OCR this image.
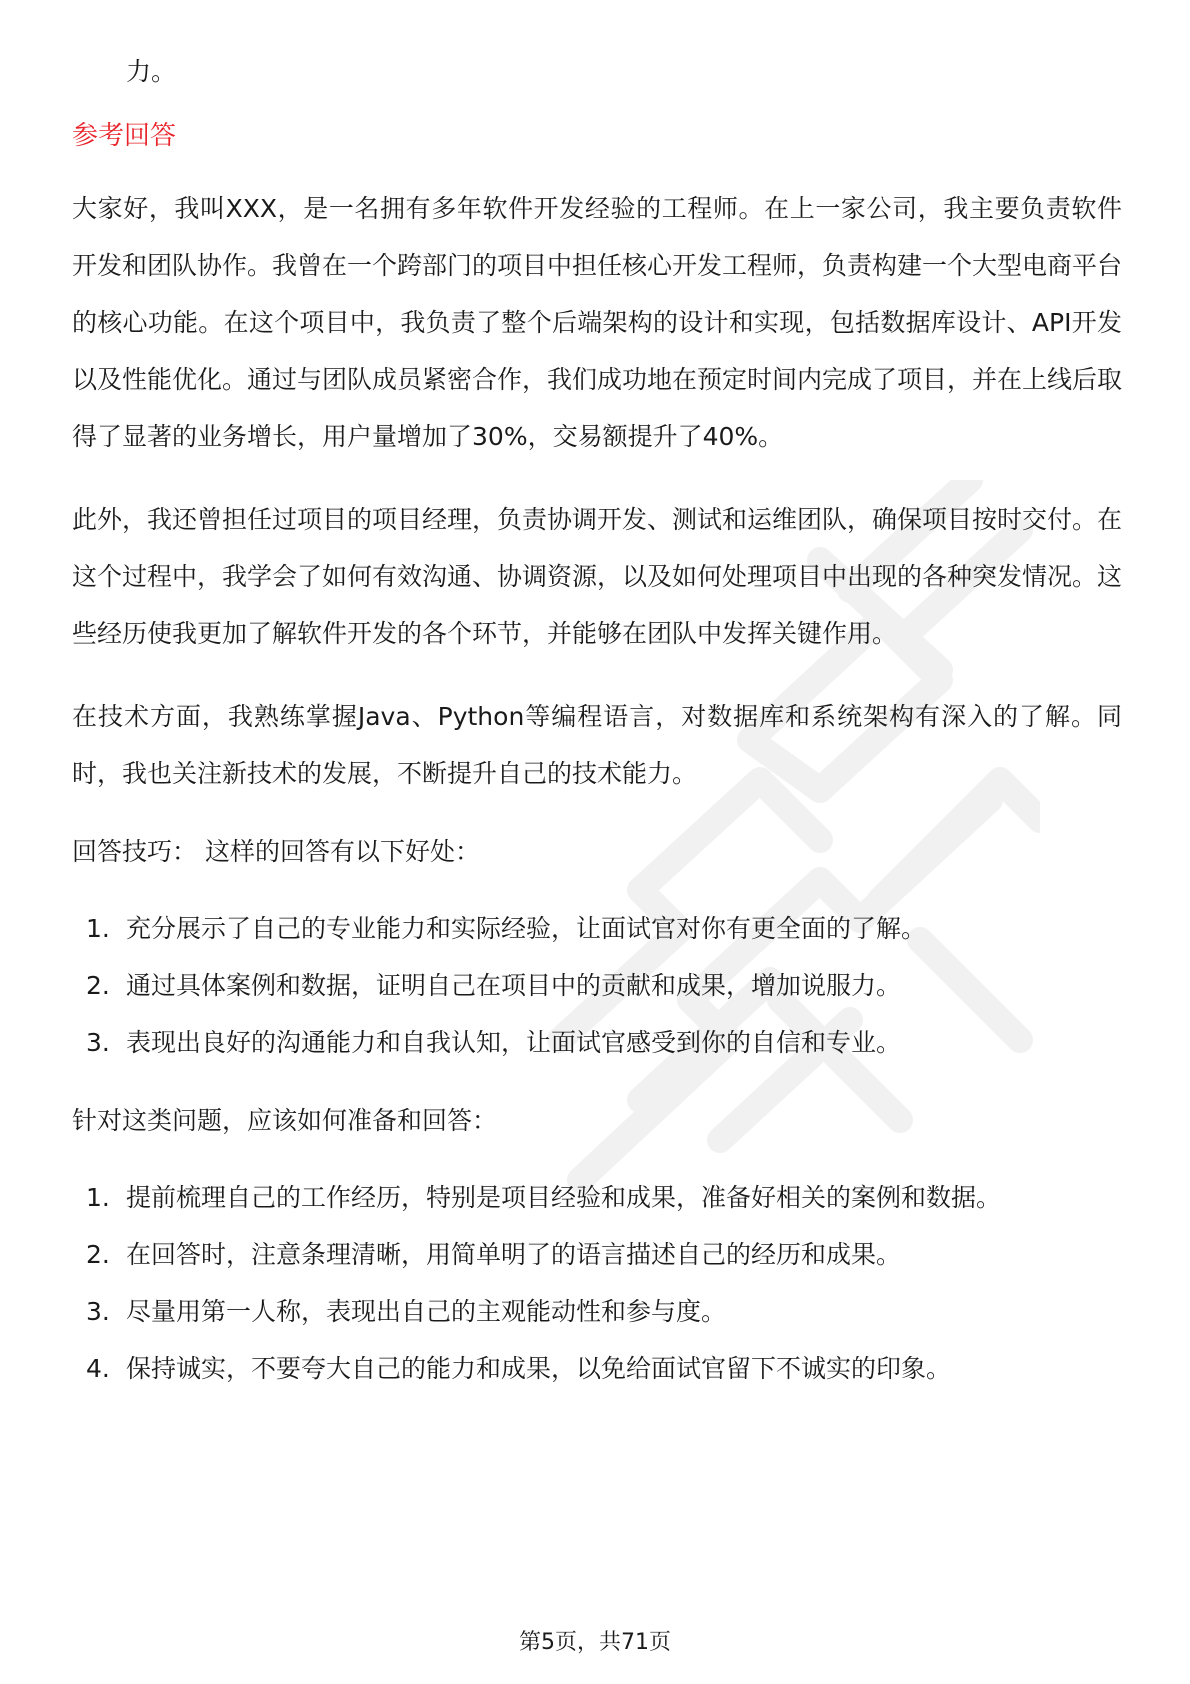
力。

参考回答

大家好，我叫XXX，是一名拥有多年软件开发经验的工程师。在上一家公司，我主要负责软件开发和团队协作。我曾在一个跨部门的项目中担任核心开发工程师，负责构建一个大型电商平台的核心功能。在这个项目中，我负责了整个后端架构的设计和实现，包括数据库设计、API开发以及性能优化。通过与团队成员紧密合作，我们成功地在预定时间内完成了项目，并在上线后取得了显著的业务增长，用户量增加了30%，交易额提升了40%。

此外，我还曾担任过项目的项目经理，负责协调开发、测试和运维团队，确保项目按时交付。在这个过程中，我学会了如何有效沟通、协调资源，以及如何处理项目中出现的各种突发情况。这些经历使我更加了解软件开发的各个环节，并能够在团队中发挥关键作用。

在技术方面，我熟练掌握Java、Python等编程语言，对数据库和系统架构有深入的了解。同时，我也关注新技术的发展，不断提升自己的技术能力。

回答技巧： 这样的回答有以下好处：

1. 充分展示了自己的专业能力和实际经验，让面试官对你有更全面的了解。
2. 通过具体案例和数据，证明自己在项目中的贡献和成果，增加说服力。
3. 表现出良好的沟通能力和自我认知，让面试官感受到你的自信和专业。

针对这类问题，应该如何准备和回答：

1. 提前梳理自己的工作经历，特别是项目经验和成果，准备好相关的案例和数据。
2. 在回答时，注意条理清晰，用简单明了的语言描述自己的经历和成果。
3. 尽量用第一人称，表现出自己的主观能动性和参与度。
4. 保持诚实，不要夸大自己的能力和成果，以免给面试官留下不诚实的印象。
第5页，共71页
